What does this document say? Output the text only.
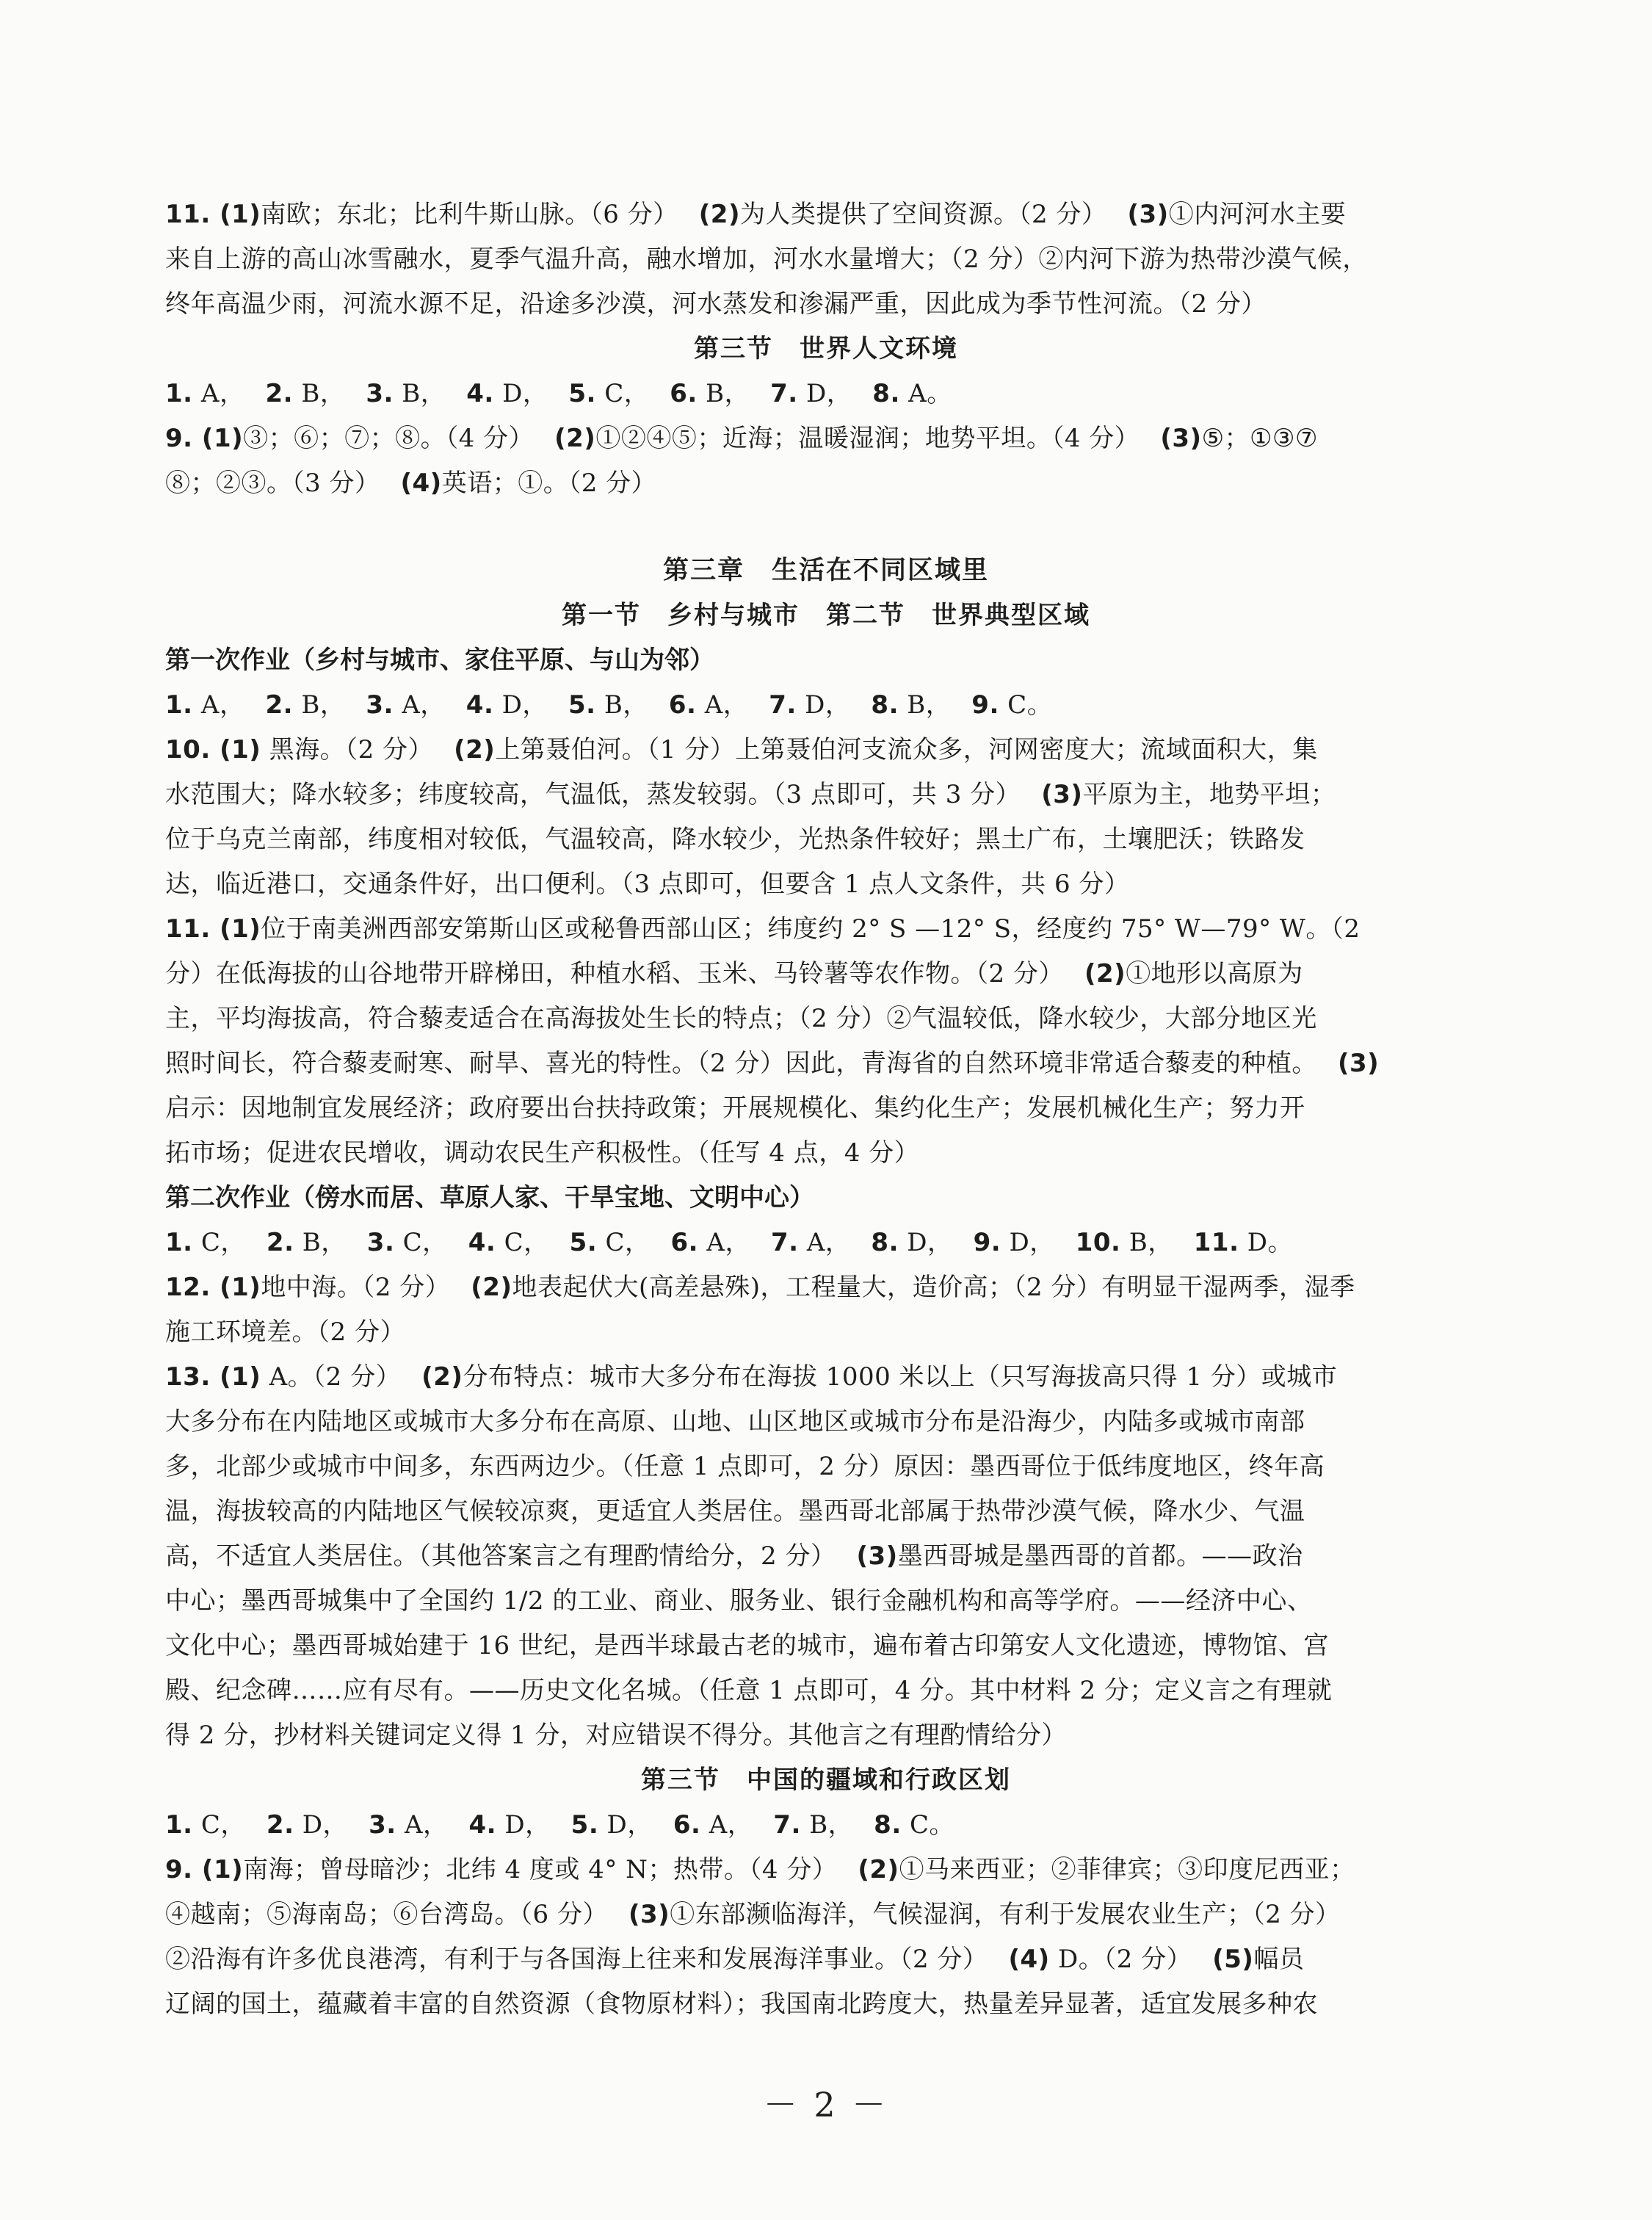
11. (1)南欧；东北；比利牛斯山脉。（6 分） (2)为人类提供了空间资源。（2 分） (3)①内河河水主要

来自上游的高山冰雪融水，夏季气温升高，融水增加，河水水量增大；（2 分）②内河下游为热带沙漠气候，

终年高温少雨，河流水源不足，沿途多沙漠，河水蒸发和渗漏严重，因此成为季节性河流。（2 分）

第三节　世界人文环境

1. A， 2. B， 3. B， 4. D， 5. C， 6. B， 7. D， 8. A。

9. (1)③；⑥；⑦；⑧。（4 分） (2)①②④⑤；近海；温暖湿润；地势平坦。（4 分） (3)⑤；①③⑦

⑧；②③。（3 分） (4)英语；①。（2 分）

第三章　生活在不同区域里
第一节　乡村与城市　第二节　世界典型区域
第一次作业（乡村与城市、家住平原、与山为邻）

1. A， 2. B， 3. A， 4. D， 5. B， 6. A， 7. D， 8. B， 9. C。

10. (1) 黑海。（2 分） (2)上第聂伯河。（1 分）上第聂伯河支流众多，河网密度大；流域面积大，集

水范围大；降水较多；纬度较高，气温低，蒸发较弱。（3 点即可，共 3 分） (3)平原为主，地势平坦；

位于乌克兰南部，纬度相对较低，气温较高，降水较少，光热条件较好；黑土广布，土壤肥沃；铁路发

达，临近港口，交通条件好，出口便利。（3 点即可，但要含 1 点人文条件，共 6 分）

11. (1)位于南美洲西部安第斯山区或秘鲁西部山区；纬度约 2° S —12° S，经度约 75° W—79° W。（2

分）在低海拔的山谷地带开辟梯田，种植水稻、玉米、马铃薯等农作物。（2 分） (2)①地形以高原为

主，平均海拔高，符合藜麦适合在高海拔处生长的特点；（2 分）②气温较低，降水较少，大部分地区光

照时间长，符合藜麦耐寒、耐旱、喜光的特性。（2 分）因此，青海省的自然环境非常适合藜麦的种植。 (3)

启示：因地制宜发展经济；政府要出台扶持政策；开展规模化、集约化生产；发展机械化生产；努力开

拓市场；促进农民增收，调动农民生产积极性。（任写 4 点，4 分）

第二次作业（傍水而居、草原人家、干旱宝地、文明中心）

1. C， 2. B， 3. C， 4. C， 5. C， 6. A， 7. A， 8. D， 9. D， 10. B， 11. D。

12. (1)地中海。（2 分） (2)地表起伏大(高差悬殊)，工程量大，造价高；（2 分）有明显干湿两季，湿季

施工环境差。（2 分）

13. (1) A。（2 分） (2)分布特点：城市大多分布在海拔 1000 米以上（只写海拔高只得 1 分）或城市

大多分布在内陆地区或城市大多分布在高原、山地、山区地区或城市分布是沿海少，内陆多或城市南部

多，北部少或城市中间多，东西两边少。（任意 1 点即可，2 分）原因：墨西哥位于低纬度地区，终年高

温，海拔较高的内陆地区气候较凉爽，更适宜人类居住。墨西哥北部属于热带沙漠气候，降水少、气温

高，不适宜人类居住。（其他答案言之有理酌情给分，2 分） (3)墨西哥城是墨西哥的首都。——政治

中心；墨西哥城集中了全国约 1/2 的工业、商业、服务业、银行金融机构和高等学府。——经济中心、

文化中心；墨西哥城始建于 16 世纪，是西半球最古老的城市，遍布着古印第安人文化遗迹，博物馆、宫

殿、纪念碑……应有尽有。——历史文化名城。（任意 1 点即可，4 分。其中材料 2 分；定义言之有理就

得 2 分，抄材料关键词定义得 1 分，对应错误不得分。其他言之有理酌情给分）

第三节　中国的疆域和行政区划

1. C， 2. D， 3. A， 4. D， 5. D， 6. A， 7. B， 8. C。

9. (1)南海；曾母暗沙；北纬 4 度或 4° N；热带。（4 分） (2)①马来西亚；②菲律宾；③印度尼西亚；

④越南；⑤海南岛；⑥台湾岛。（6 分） (3)①东部濒临海洋，气候湿润，有利于发展农业生产；（2 分）

②沿海有许多优良港湾，有利于与各国海上往来和发展海洋事业。（2 分） (4) D。（2 分） (5)幅员

辽阔的国土，蕴藏着丰富的自然资源（食物原材料）；我国南北跨度大，热量差异显著，适宜发展多种农

－ 2 －
